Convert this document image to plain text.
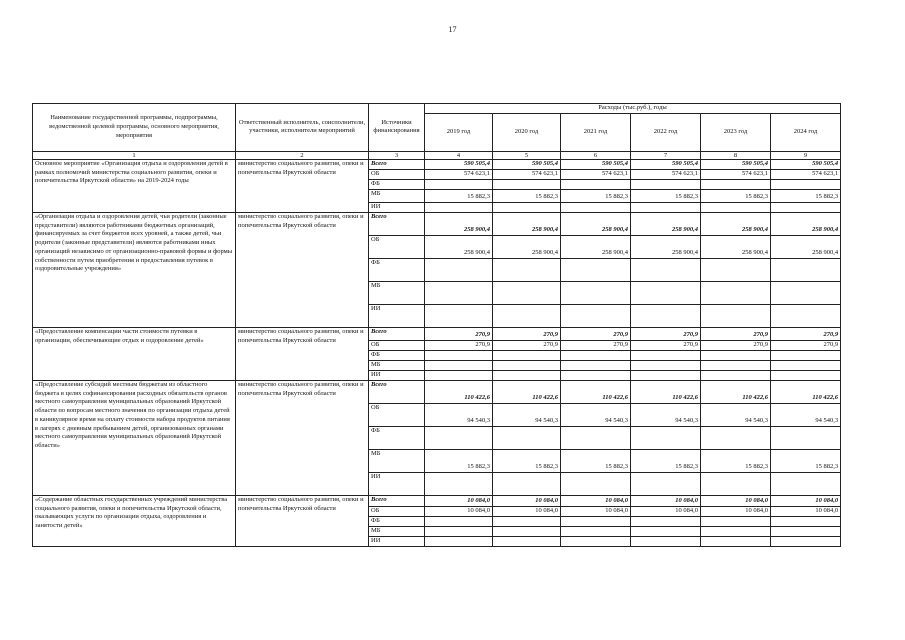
17
Наименование государственной программы, подпрограммы, ведомственной целевой программы, основного мероприятия, мероприятия	Ответственный исполнитель, соисполнители, участники, исполнители мероприятий	Источники финансирования	Расходы (тыс.руб.), годы					
			2019 год	2020 год	2021 год	2022 год	2023 год	2024 год
1	2	3	4	5	6	7	8	9
Основное мероприятие «Организация отдыха и оздоровления детей в рамках полномочий министерства социального развития, опеки и попечительства Иркутской области» на 2019-2024 годы	министерство социального развития, опеки и попечительства Иркутской области	Всего	590 505,4	590 505,4	590 505,4	590 505,4	590 505,4	590 505,4
		ОБ	574 623,1	574 623,1	574 623,1	574 623,1	574 623,1	574 623,1
		ФБ						
		МБ	15 882,3	15 882,3	15 882,3	15 882,3	15 882,3	15 882,3
		ИИ						
«Организация отдыха и оздоровления детей, чьи родители (законные представители) являются работниками бюджетных организаций, финансируемых за счет бюджетов всех уровней, а также детей, чьи родители (законные представители) являются работниками иных организаций независимо от организационно-правовой формы и формы собственности путем приобретения и предоставления путевок в оздоровительные учреждения»	министерство социального развития, опеки и попечительства Иркутской области	Всего	258 900,4	258 900,4	258 900,4	258 900,4	258 900,4	258 900,4
		ОБ	258 900,4	258 900,4	258 900,4	258 900,4	258 900,4	258 900,4
		ФБ						
		МБ						
		ИИ						
«Предоставление компенсации части стоимости путевки в организации, обеспечивающие отдых и оздоровление детей»	министерство социального развития, опеки и попечительства Иркутской области	Всего	270,9	270,9	270,9	270,9	270,9	270,9
		ОБ	270,9	270,9	270,9	270,9	270,9	270,9
		ФБ						
		МБ						
		ИИ						
«Предоставление субсидий местным бюджетам из областного бюджета в целях софинансирования расходных обязательств органов местного самоуправления муниципальных образований Иркутской области по вопросам местного значения по организации отдыха детей в каникулярное время на оплату стоимости набора продуктов питания в лагерях с дневным пребыванием детей, организованных органами местного самоуправления муниципальных образований Иркутской области»	министерство социального развития, опеки и попечительства Иркутской области	Всего	110 422,6	110 422,6	110 422,6	110 422,6	110 422,6	110 422,6
		ОБ	94 540,3	94 540,3	94 540,3	94 540,3	94 540,3	94 540,3
		ФБ						
		МБ	15 882,3	15 882,3	15 882,3	15 882,3	15 882,3	15 882,3
		ИИ						
«Содержание областных государственных учреждений министерства социального развития, опеки и попечительства Иркутской области, оказывающих услуги по организации отдыха, оздоровления и занятости детей»	министерство социального развития, опеки и попечительства Иркутской области	Всего	10 084,0	10 084,0	10 084,0	10 084,0	10 084,0	10 084,0
		ОБ	10 084,0	10 084,0	10 084,0	10 084,0	10 084,0	10 084,0
		ФБ						
		МБ						
		ИИ						
